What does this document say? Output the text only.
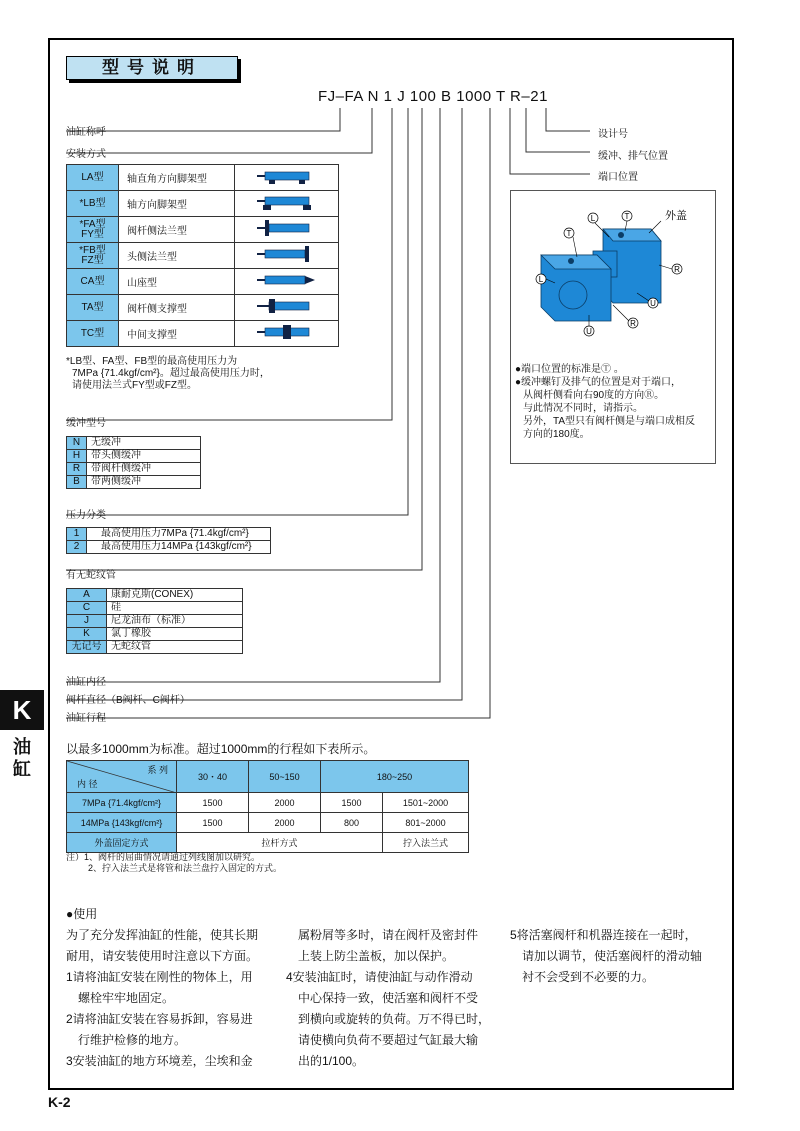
型号说明
FJ–FA N 1 J 100 B 1000 T R–21
设计号
缓冲、排气位置
端口位置
油缸称呼
安装方式
LA型	轴直角方向脚架型	
*LB型	轴方向脚架型	
*FA型
FY型	阀杆侧法兰型	
*FB型
FZ型	头侧法兰型	
CA型	山座型	
TA型	阀杆侧支撑型	
TC型	中间支撑型	
*LB型、FA型、FB型的最高使用压力为
7MPa {71.4kgf/cm²}。超过最高使用压力时，
请使用法兰式FY型或FZ型。
缓冲型号
N	无缓冲
H	带头侧缓冲
R	带阀杆侧缓冲
B	带两侧缓冲
压力分类
1	最高使用压力7MPa {71.4kgf/cm²}
2	最高使用压力14MPa {143kgf/cm²}
有无蛇纹管
A	康耐克斯(CONEX)
C	硅
J	尼龙油布（标准）
K	氯丁橡胶
无记号	无蛇纹管
油缸内径
阀杆直径（B阀杆、C阀杆）
油缸行程
T
L	T
L
R
U
R
U
外盖
●端口位置的标准是Ⓣ 。
●缓冲螺钉及排气的位置是对于端口，
从阀杆侧看向右90度的方向Ⓡ。
与此情况不同时，请指示。
另外，TA型只有阀杆侧是与端口成相反
方向的180度。
以最多1000mm为标准。超过1000mm的行程如下表所示。
系 列
内 径	30・40	50~150	180~250	
7MPa {71.4kgf/cm²}	1500	2000	1500	1501~2000
14MPa {143kgf/cm²}	1500	2000	800	801~2000
外盖固定方式	拉杆方式			拧入法兰式
注）1、阀杆的屈曲情况请通过列线图加以研究。
2、拧入法兰式是将管和法兰盘拧入固定的方式。
●使用
为了充分发挥油缸的性能，使其长期
耐用，请安装使用时注意以下方面。
1请将油缸安装在刚性的物体上，用
螺栓牢牢地固定。
2请将油缸安装在容易拆卸，容易进
行维护检修的地方。
3安装油缸的地方环境差，尘埃和金
属粉屑等多时，请在阀杆及密封件
上装上防尘盖板，加以保护。
4安装油缸时，请使油缸与动作滑动
中心保持一致，使活塞和阀杆不受
到横向或旋转的负荷。万不得已时，
请使横向负荷不要超过气缸最大输
出的1/100。
5将活塞阀杆和机器连接在一起时，
请加以调节，使活塞阀杆的滑动轴
衬不会受到不必要的力。
K
油
缸
K-2
